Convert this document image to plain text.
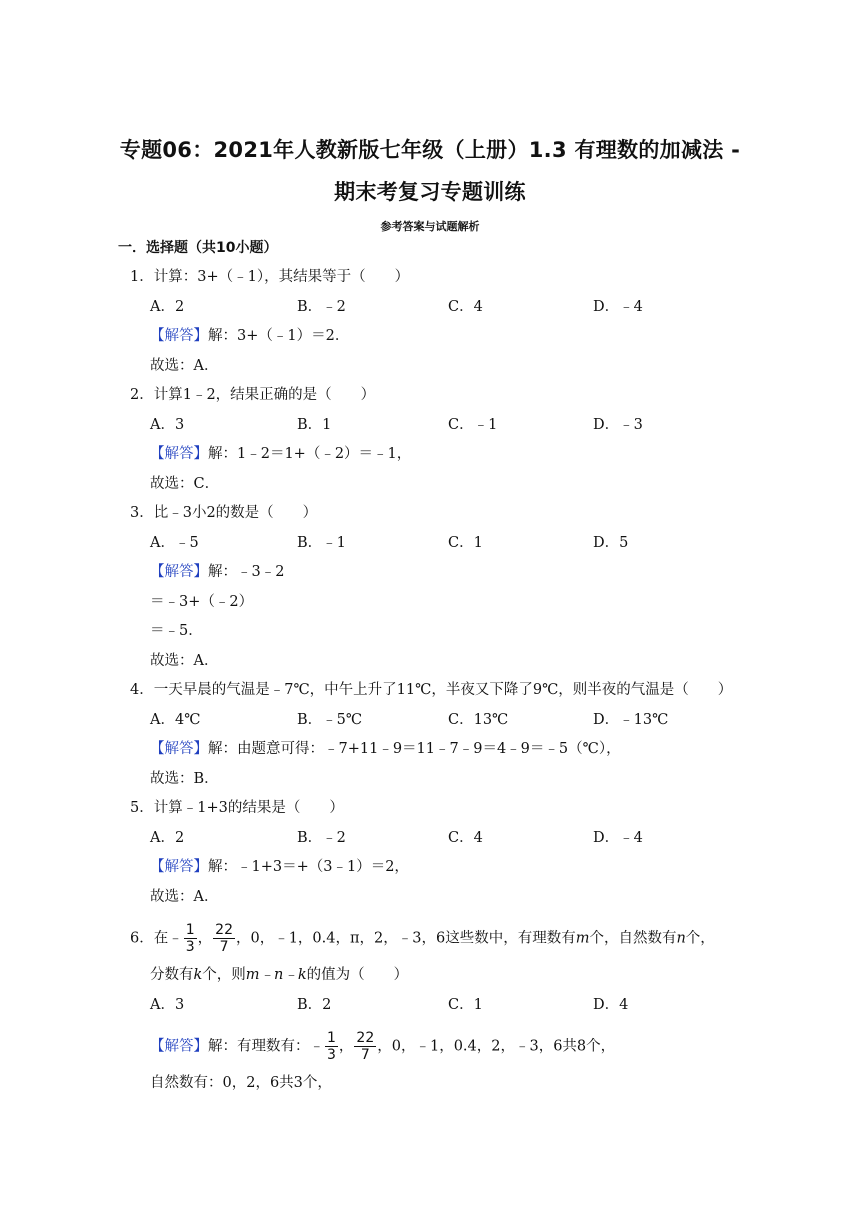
专题06：2021年人教新版七年级（上册）1.3 有理数的加减法 -
期末考复习专题训练
参考答案与试题解析
一．选择题（共10小题）
1．计算：3+（﹣1），其结果等于（　　）
A．2	B．﹣2	C．4	D．﹣4
【解答】解：3+（﹣1）＝2．
故选：A．
2．计算1﹣2，结果正确的是（　　）
A．3	B．1	C．﹣1	D．﹣3
【解答】解：1﹣2＝1+（﹣2）＝﹣1，
故选：C．
3．比﹣3小2的数是（　　）
A．﹣5	B．﹣1	C．1	D．5
【解答】解：﹣3﹣2
＝﹣3+（﹣2）
＝﹣5．
故选：A．
4．一天早晨的气温是﹣7℃，中午上升了11℃，半夜又下降了9℃，则半夜的气温是（　　）
A．4℃	B．﹣5℃	C．13℃	D．﹣13℃
【解答】解：由题意可得：﹣7+11﹣9＝11﹣7﹣9＝4﹣9＝﹣5（℃），
故选：B．
5．计算﹣1+3的结果是（　　）
A．2	B．﹣2	C．4	D．﹣4
【解答】解：﹣1+3＝+（3﹣1）＝2，
故选：A．
6．在﹣ $\frac{1}{3}$ ， $\frac{22}{7}$ ，0，﹣1，0.4，π，2，﹣3，6这些数中，有理数有m个，自然数有n个，
分数有k个，则m﹣n﹣k的值为（　　）
A．3	B．2	C．1	D．4
【解答】解：有理数有：﹣ $\frac{1}{3}$ ， $\frac{22}{7}$ ，0，﹣1，0.4，2，﹣3，6共8个，
自然数有：0，2，6共3个，
